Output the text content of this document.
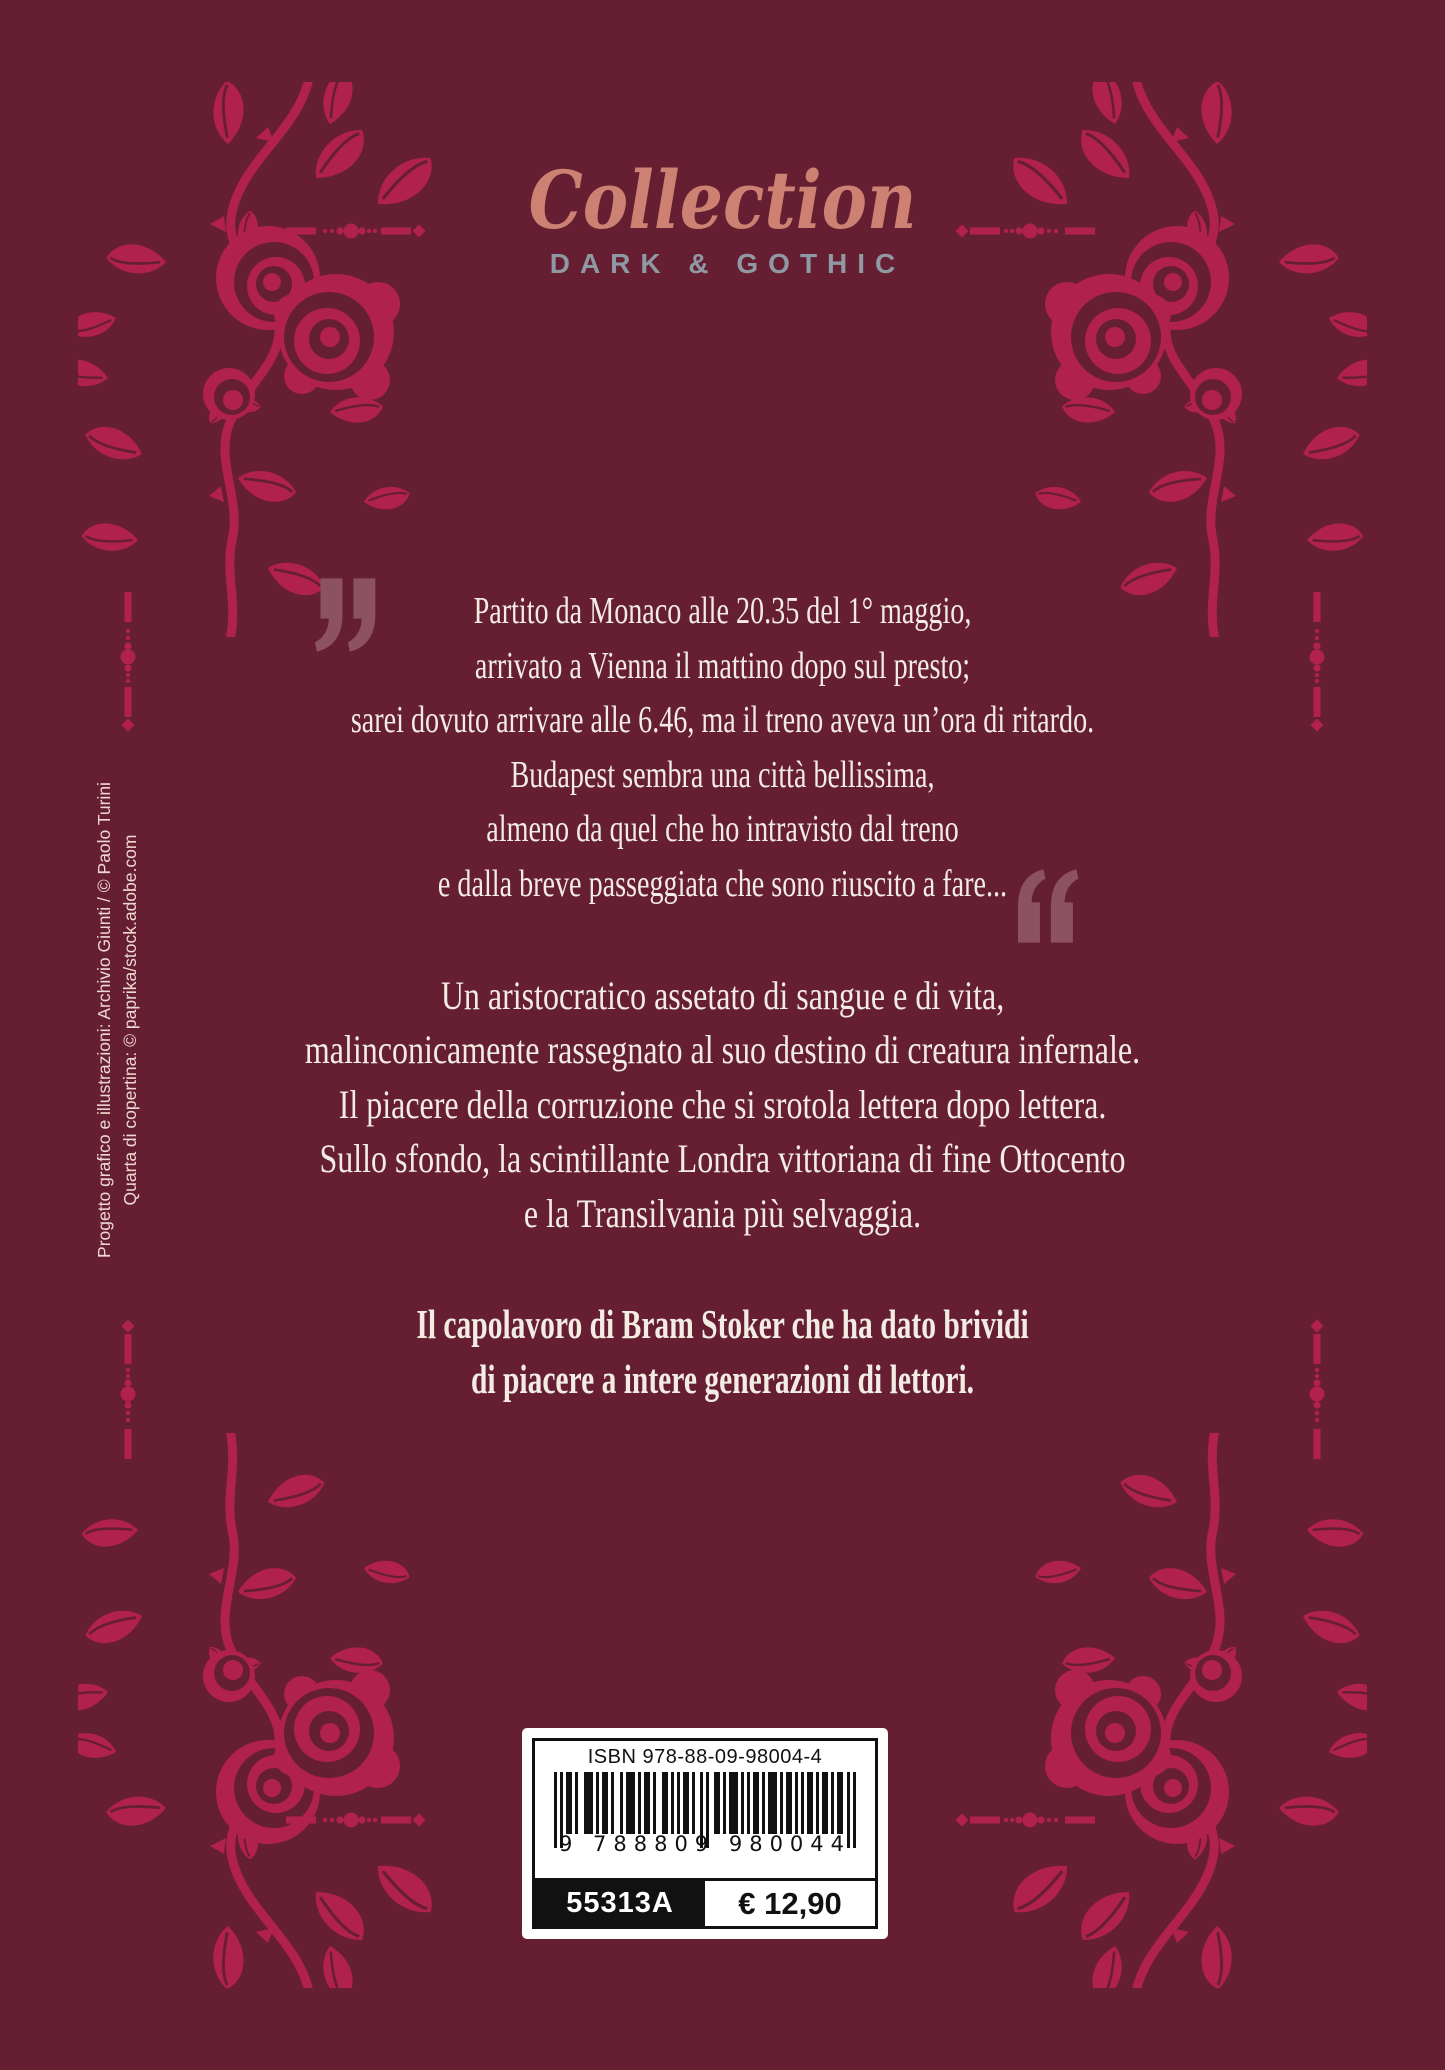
Collection
DARK & GOTHIC
Partito da Monaco alle 20.35 del 1° maggio,
arrivato a Vienna il mattino dopo sul presto;
sarei dovuto arrivare alle 6.46, ma il treno aveva un’ora di ritardo.
Budapest sembra una città bellissima,
almeno da quel che ho intravisto dal treno
e dalla breve passeggiata che sono riuscito a fare...
Un aristocratico assetato di sangue e di vita,
malinconicamente rassegnato al suo destino di creatura infernale.
Il piacere della corruzione che si srotola lettera dopo lettera.
Sullo sfondo, la scintillante Londra vittoriana di fine Ottocento
e la Transilvania più selvaggia.
Il capolavoro di Bram Stoker che ha dato brividi
di piacere a intere generazioni di lettori.
Progetto grafico e illustrazioni: Archivio Giunti / © Paolo Turini Quarta di copertina: © paprika/stock.adobe.com
ISBN 978-88-09-98004-4
9 788809 980044
55313A	€ 12,90
